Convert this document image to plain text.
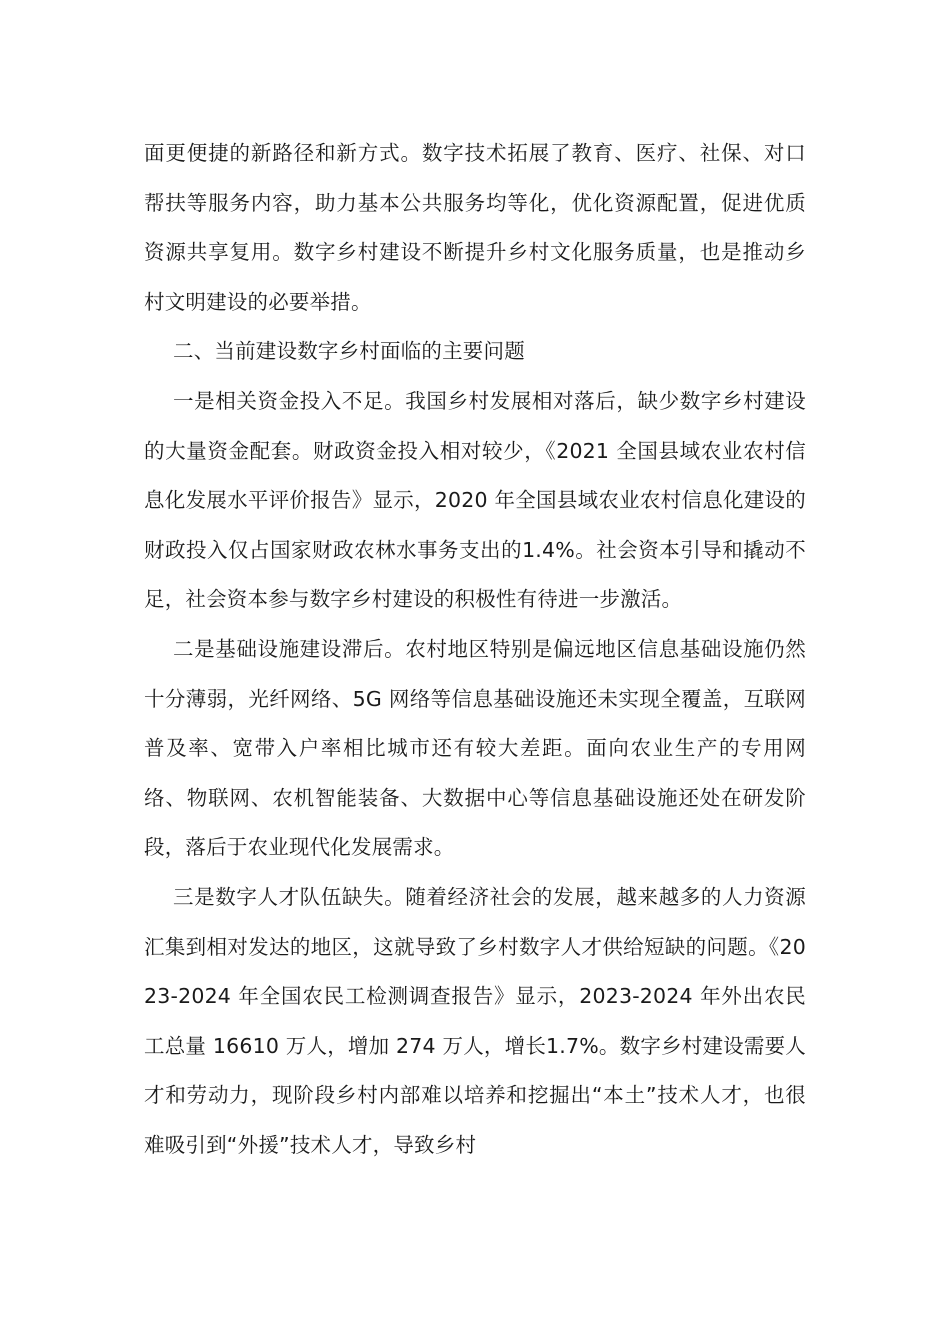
面更便捷的新路径和新方式。数字技术拓展了教育、医疗、社保、对口帮扶等服务内容，助力基本公共服务均等化，优化资源配置，促进优质资源共享复用。数字乡村建设不断提升乡村文化服务质量，也是推动乡村文明建设的必要举措。

二、当前建设数字乡村面临的主要问题

一是相关资金投入不足。我国乡村发展相对落后，缺少数字乡村建设的大量资金配套。财政资金投入相对较少，《2021 全国县域农业农村信息化发展水平评价报告》显示，2020 年全国县域农业农村信息化建设的财政投入仅占国家财政农林水事务支出的1.4%。社会资本引导和撬动不足，社会资本参与数字乡村建设的积极性有待进一步激活。

二是基础设施建设滞后。农村地区特别是偏远地区信息基础设施仍然十分薄弱，光纤网络、5G 网络等信息基础设施还未实现全覆盖，互联网普及率、宽带入户率相比城市还有较大差距。面向农业生产的专用网络、物联网、农机智能装备、大数据中心等信息基础设施还处在研发阶段，落后于农业现代化发展需求。

三是数字人才队伍缺失。随着经济社会的发展，越来越多的人力资源汇集到相对发达的地区，这就导致了乡村数字人才供给短缺的问题。《2023-2024 年全国农民工检测调查报告》显示，2023-2024 年外出农民工总量 16610 万人，增加 274 万人，增长1.7%。数字乡村建设需要人才和劳动力，现阶段乡村内部难以培养和挖掘出“本土”技术人才，也很难吸引到“外援”技术人才，导致乡村
